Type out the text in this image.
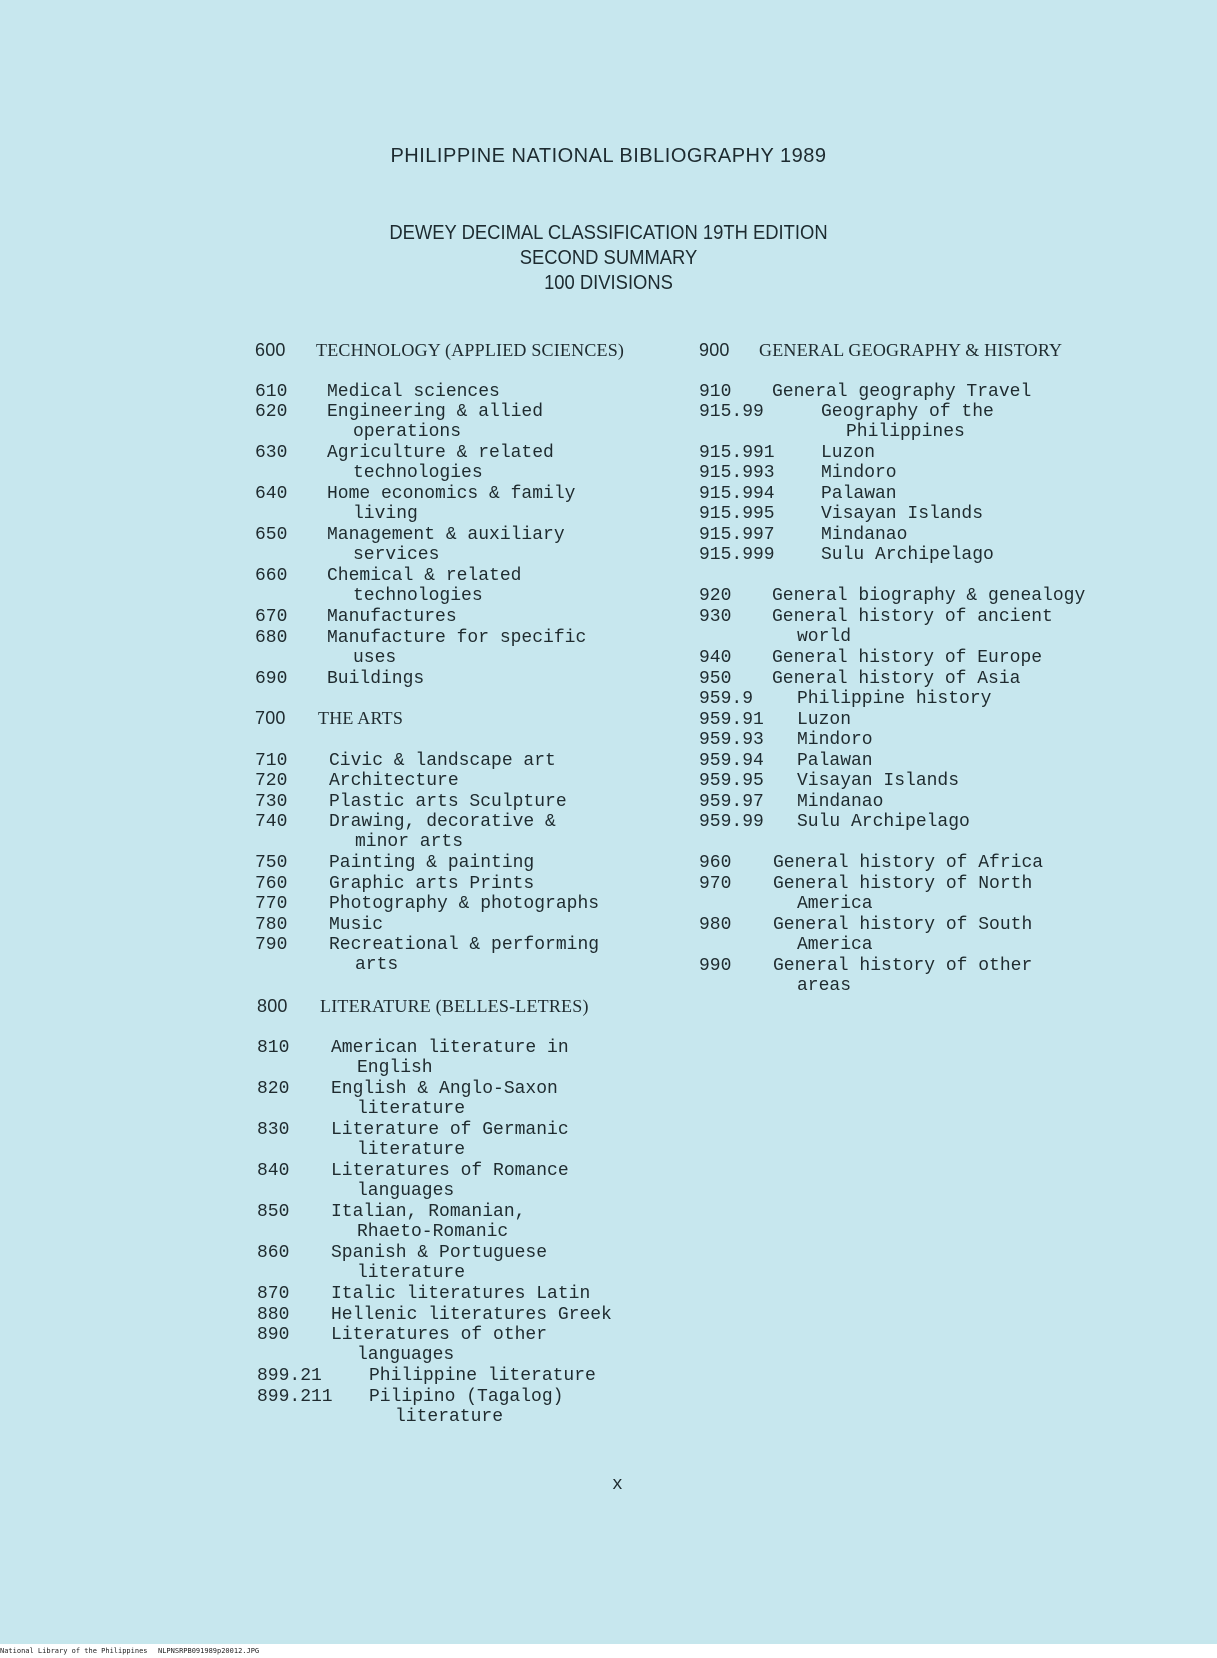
PHILIPPINE NATIONAL BIBLIOGRAPHY 1989
DEWEY DECIMAL CLASSIFICATION 19TH EDITION
SECOND SUMMARY
100 DIVISIONS
600 TECHNOLOGY (APPLIED SCIENCES)
610 Medical sciences
620 Engineering & allied
operations
630 Agriculture & related
technologies
640 Home economics & family
living
650 Management & auxiliary
services
660 Chemical & related
technologies
670 Manufactures
680 Manufacture for specific
uses
690 Buildings
700 THE ARTS
710 Civic & landscape art
720 Architecture
730 Plastic arts Sculpture
740 Drawing, decorative &
minor arts
750 Painting & painting
760 Graphic arts Prints
770 Photography & photographs
780 Music
790 Recreational & performing
arts
800 LITERATURE (BELLES-LETRES)
810 American literature in
English
820 English & Anglo-Saxon
literature
830 Literature of Germanic
literature
840 Literatures of Romance
languages
850 Italian, Romanian,
Rhaeto-Romanic
860 Spanish & Portuguese
literature
870 Italic literatures Latin
880 Hellenic literatures Greek
890 Literatures of other
languages
899.21	Philippine literature
899.211 Pilipino (Tagalog)
literature
900 GENERAL GEOGRAPHY & HISTORY
910 General geography Travel
915.99	Geography of the
Philippines
915.991	Luzon
915.993	Mindoro
915.994	Palawan
915.995	Visayan Islands
915.997	Mindanao
915.999	Sulu Archipelago
920 General biography & genealogy
930 General history of ancient
world
940 General history of Europe
950 General history of Asia
959.9 Philippine history
959.91 Luzon
959.93 Mindoro
959.94 Palawan
959.95 Visayan Islands
959.97 Mindanao
959.99 Sulu Archipelago
960 General history of Africa
970 General history of North
America
980 General history of South
America
990 General history of other
areas
x
National Library of the Philippines NLPNSRPB091989p20012.JPG
